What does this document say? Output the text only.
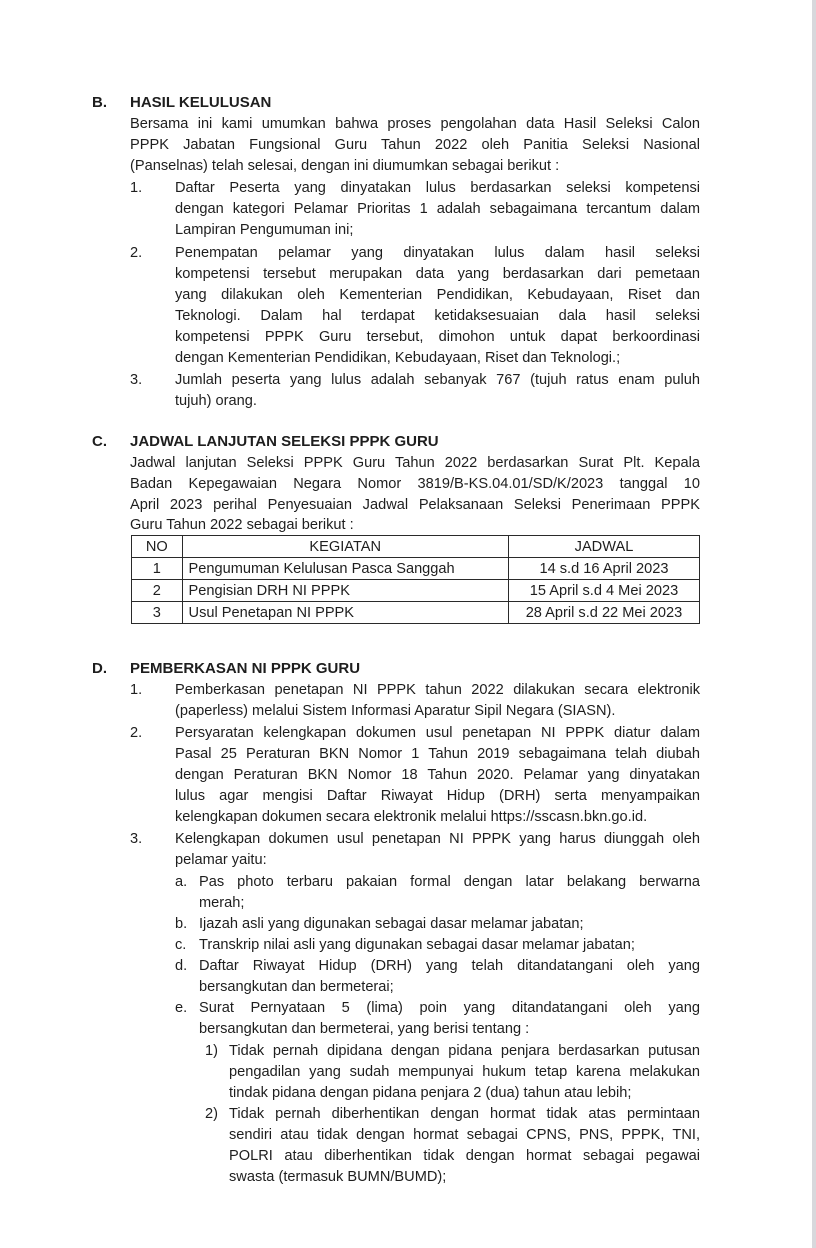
B. HASIL KELULUSAN
Bersama ini kami umumkan bahwa proses pengolahan data Hasil Seleksi Calon
PPPK Jabatan Fungsional Guru Tahun 2022 oleh Panitia Seleksi Nasional
(Panselnas) telah selesai, dengan ini diumumkan sebagai berikut :
1. Daftar Peserta yang dinyatakan lulus berdasarkan seleksi kompetensi
dengan kategori Pelamar Prioritas 1 adalah sebagaimana tercantum dalam
Lampiran Pengumuman ini;
2. Penempatan pelamar yang dinyatakan lulus dalam hasil seleksi
kompetensi tersebut merupakan data yang berdasarkan dari pemetaan
yang dilakukan oleh Kementerian Pendidikan, Kebudayaan, Riset dan
Teknologi. Dalam hal terdapat ketidaksesuaian dala hasil seleksi
kompetensi PPPK Guru tersebut, dimohon untuk dapat berkoordinasi
dengan Kementerian Pendidikan, Kebudayaan, Riset dan Teknologi.;
3. Jumlah peserta yang lulus adalah sebanyak 767 (tujuh ratus enam puluh
tujuh) orang.
C. JADWAL LANJUTAN SELEKSI PPPK GURU
Jadwal lanjutan Seleksi PPPK Guru Tahun 2022 berdasarkan Surat Plt. Kepala
Badan Kepegawaian Negara Nomor 3819/B-KS.04.01/SD/K/2023 tanggal 10
April 2023 perihal Penyesuaian Jadwal Pelaksanaan Seleksi Penerimaan PPPK
Guru Tahun 2022 sebagai berikut :
NO	KEGIATAN	JADWAL
1	Pengumuman Kelulusan Pasca Sanggah	14 s.d 16 April 2023
2	Pengisian DRH NI PPPK	15 April s.d 4 Mei 2023
3	Usul Penetapan NI PPPK	28 April s.d 22 Mei 2023
D. PEMBERKASAN NI PPPK GURU
1. Pemberkasan penetapan NI PPPK tahun 2022 dilakukan secara elektronik
(paperless) melalui Sistem Informasi Aparatur Sipil Negara (SIASN).
2. Persyaratan kelengkapan dokumen usul penetapan NI PPPK diatur dalam
Pasal 25 Peraturan BKN Nomor 1 Tahun 2019 sebagaimana telah diubah
dengan Peraturan BKN Nomor 18 Tahun 2020. Pelamar yang dinyatakan
lulus agar mengisi Daftar Riwayat Hidup (DRH) serta menyampaikan
kelengkapan dokumen secara elektronik melalui https://sscasn.bkn.go.id.
3. Kelengkapan dokumen usul penetapan NI PPPK yang harus diunggah oleh
pelamar yaitu:
a. Pas photo terbaru pakaian formal dengan latar belakang berwarna
merah;
b. Ijazah asli yang digunakan sebagai dasar melamar jabatan;
c. Transkrip nilai asli yang digunakan sebagai dasar melamar jabatan;
d. Daftar Riwayat Hidup (DRH) yang telah ditandatangani oleh yang
bersangkutan dan bermeterai;
e. Surat Pernyataan 5 (lima) poin yang ditandatangani oleh yang
bersangkutan dan bermeterai, yang berisi tentang :
1) Tidak pernah dipidana dengan pidana penjara berdasarkan putusan
pengadilan yang sudah mempunyai hukum tetap karena melakukan
tindak pidana dengan pidana penjara 2 (dua) tahun atau lebih;
2) Tidak pernah diberhentikan dengan hormat tidak atas permintaan
sendiri atau tidak dengan hormat sebagai CPNS, PNS, PPPK, TNI,
POLRI atau diberhentikan tidak dengan hormat sebagai pegawai
swasta (termasuk BUMN/BUMD);
